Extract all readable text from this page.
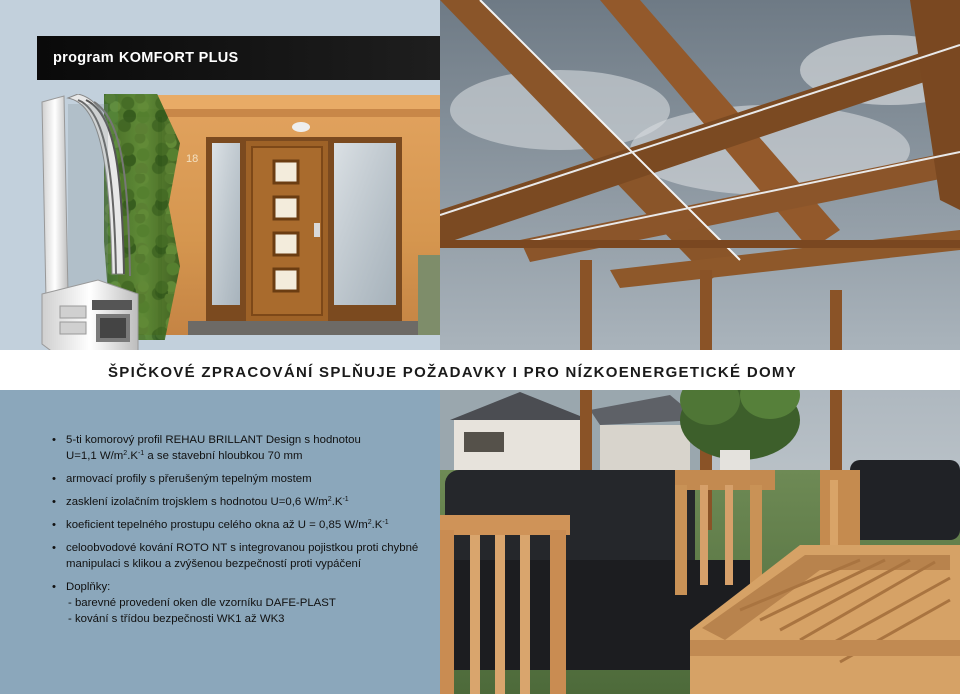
program KOMFORT PLUS
18
ŠPIČKOVÉ ZPRACOVÁNÍ SPLŇUJE POŽADAVKY I PRO NÍZKOENERGETICKÉ DOMY
• 5-ti komorový profil REHAU BRILLANT Design s hodnotou
U=1,1 $W/m^2.K^{-1}$ a se stavební hloubkou 70 mm
• armovací profily s přerušeným tepelným mostem
• zasklení izolačním trojsklem s hodnotou U=0,6 $W/m^2.K^{-1}$
• koeficient tepelného prostupu celého okna až U = 0,85 $W/m^2.K^{-1}$
• celoobvodové kování ROTO NT s integrovanou pojistkou proti chybné
manipulaci s klikou a zvýšenou bezpečností proti vypáčení
• Doplňky:
- barevné provedení oken dle vzorníku DAFE-PLAST
- kování s třídou bezpečnosti WK1 až WK3
